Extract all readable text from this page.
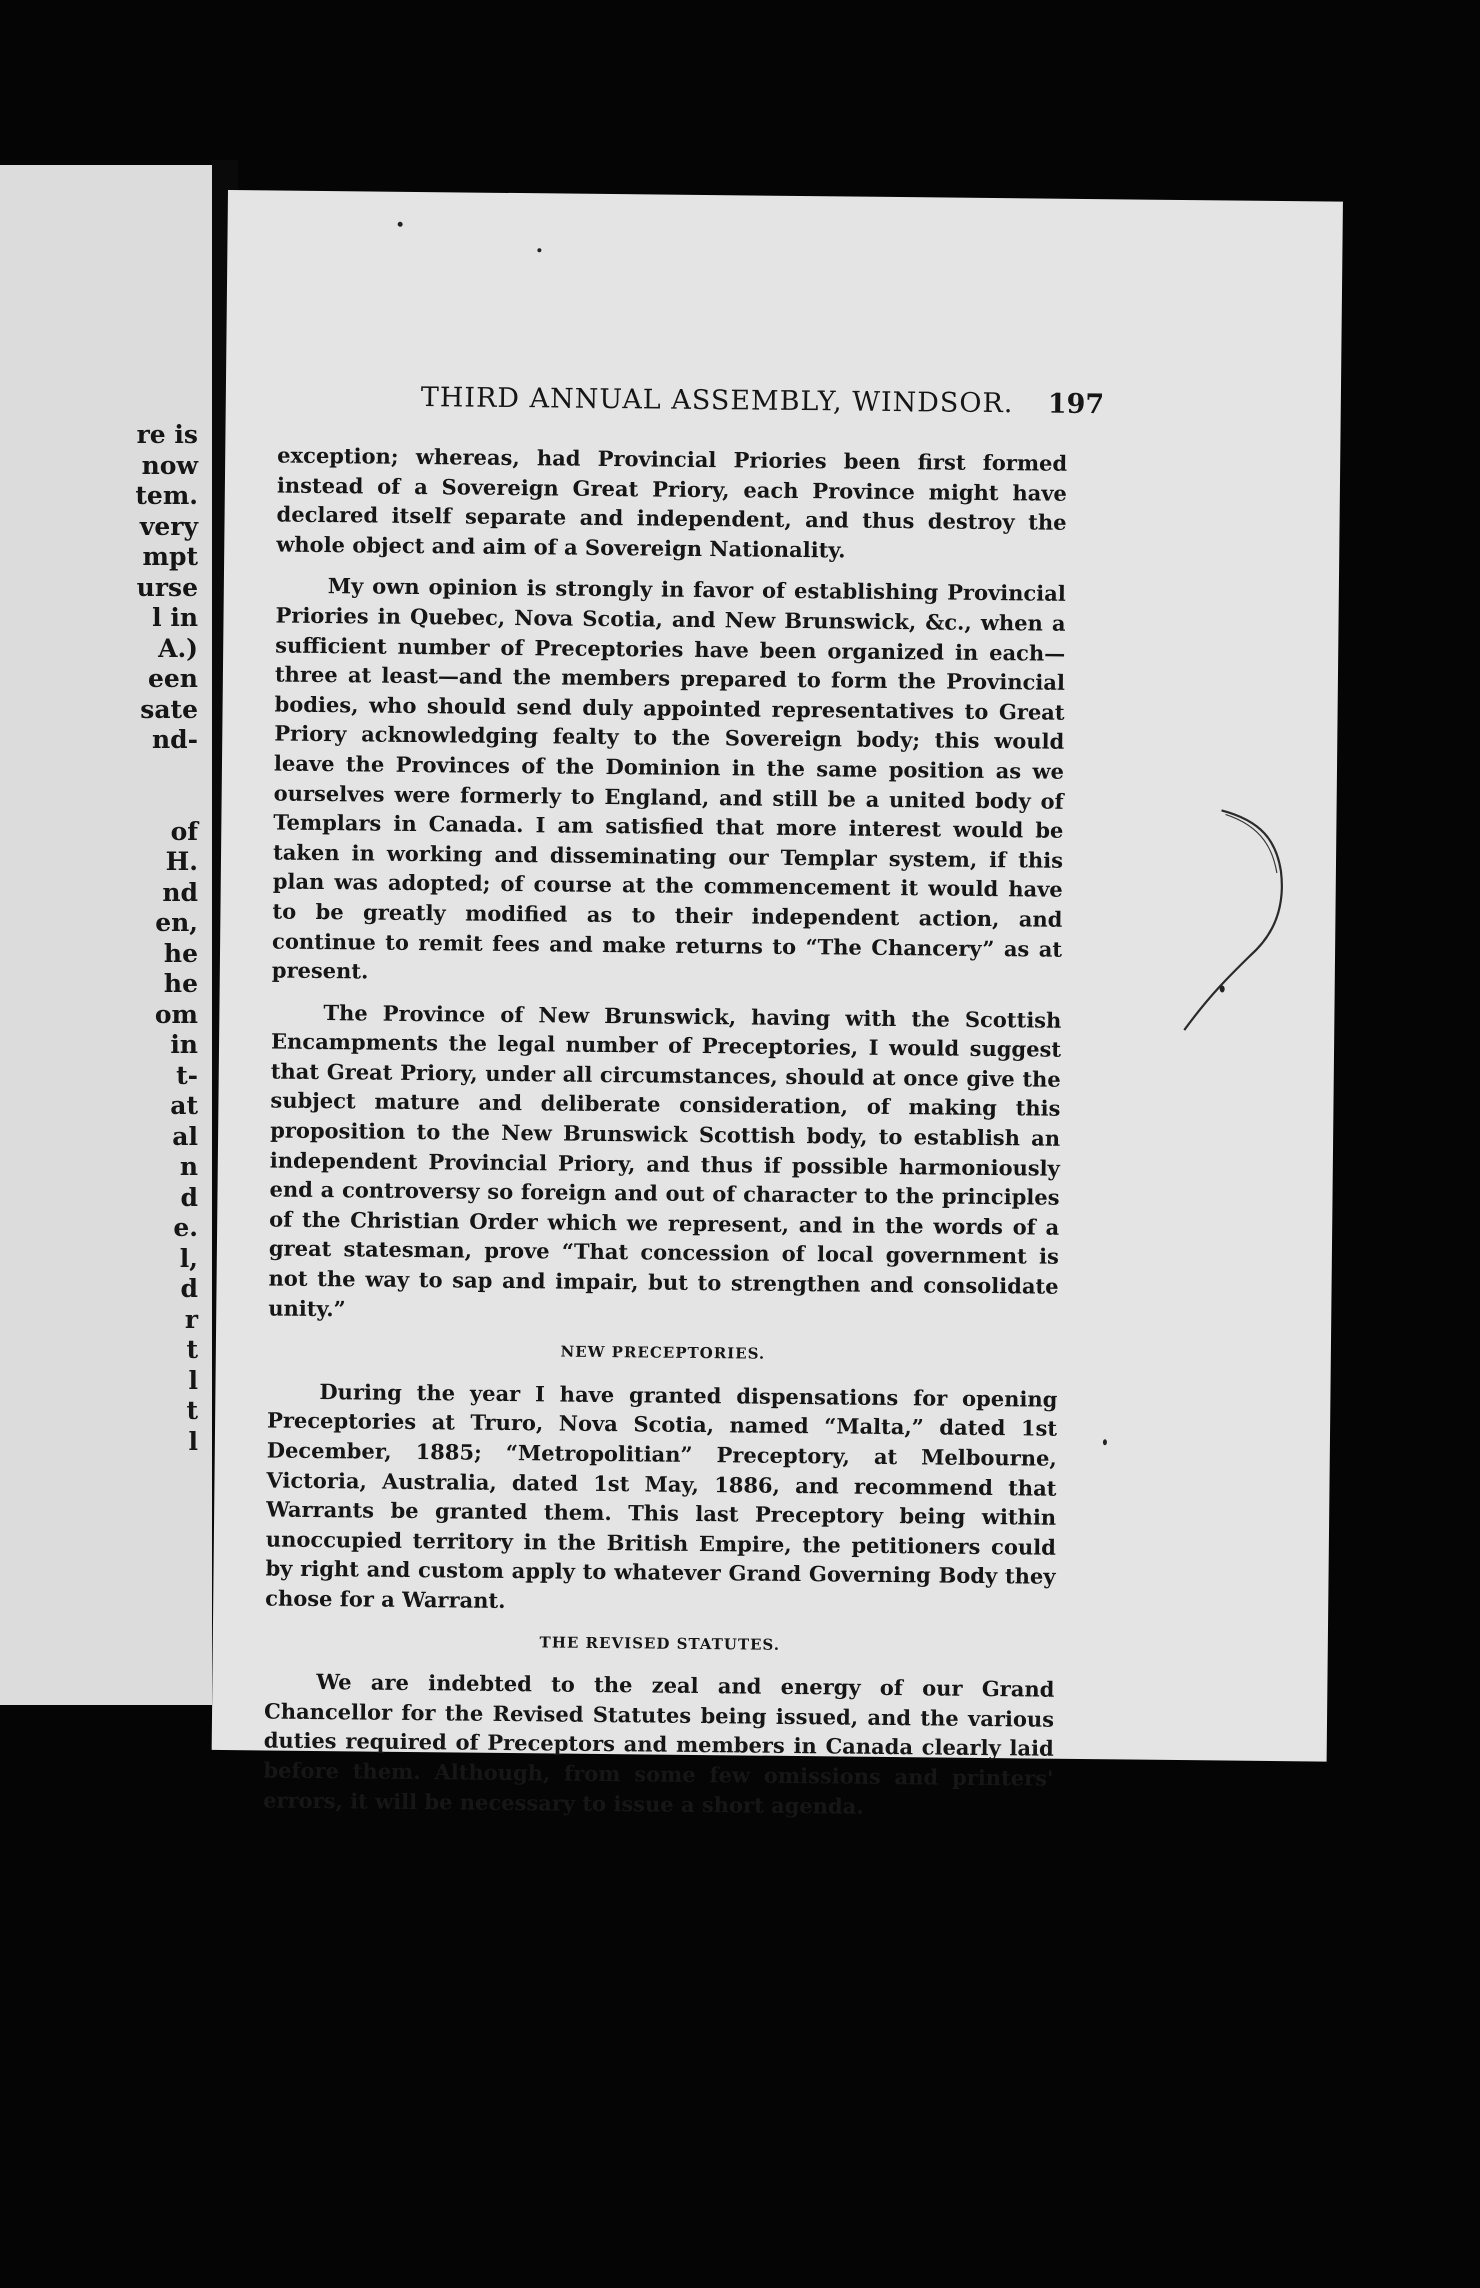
re is
now
tem.
very
mpt
urse
l in
A.)
een
sate
nd-
of
H.
nd
en,
he
he
om
in
t-
at
al
n
d
e.
l,
d
r
t
l
t
l
THIRD ANNUAL ASSEMBLY, WINDSOR.	197

exception; whereas, had Provincial Priories been first formed instead of a Sovereign Great Priory, each Province might have declared itself separate and independent, and thus destroy the whole object and aim of a Sovereign Nationality.

My own opinion is strongly in favor of establishing Provincial Priories in Quebec, Nova Scotia, and New Brunswick, &c., when a sufficient number of Preceptories have been organized in each—three at least—and the members prepared to form the Provincial bodies, who should send duly appointed representatives to Great Priory acknowledging fealty to the Sovereign body; this would leave the Provinces of the Dominion in the same position as we ourselves were formerly to England, and still be a united body of Templars in Canada. I am satisfied that more interest would be taken in working and disseminating our Templar system, if this plan was adopted; of course at the commencement it would have to be greatly modified as to their independent action, and continue to remit fees and make returns to “The Chancery” as at present.

The Province of New Brunswick, having with the Scottish Encampments the legal number of Preceptories, I would suggest that Great Priory, under all circumstances, should at once give the subject mature and deliberate consideration, of making this proposition to the New Brunswick Scottish body, to establish an independent Provincial Priory, and thus if possible harmoniously end a controversy so foreign and out of character to the principles of the Christian Order which we represent, and in the words of a great statesman, prove “That concession of local government is not the way to sap and impair, but to strengthen and consolidate unity.”

NEW PRECEPTORIES.

During the year I have granted dispensations for opening Preceptories at Truro, Nova Scotia, named “Malta,” dated 1st December, 1885; “Metropolitian” Preceptory, at Melbourne, Victoria, Australia, dated 1st May, 1886, and recommend that Warrants be granted them. This last Preceptory being within unoccupied territory in the British Empire, the petitioners could by right and custom apply to whatever Grand Governing Body they chose for a Warrant.

THE REVISED STATUTES.

We are indebted to the zeal and energy of our Grand Chancellor for the Revised Statutes being issued, and the various duties required of Preceptors and members in Canada clearly laid before them. Although, from some few omissions and printers' errors, it will be necessary to issue a short agenda.
